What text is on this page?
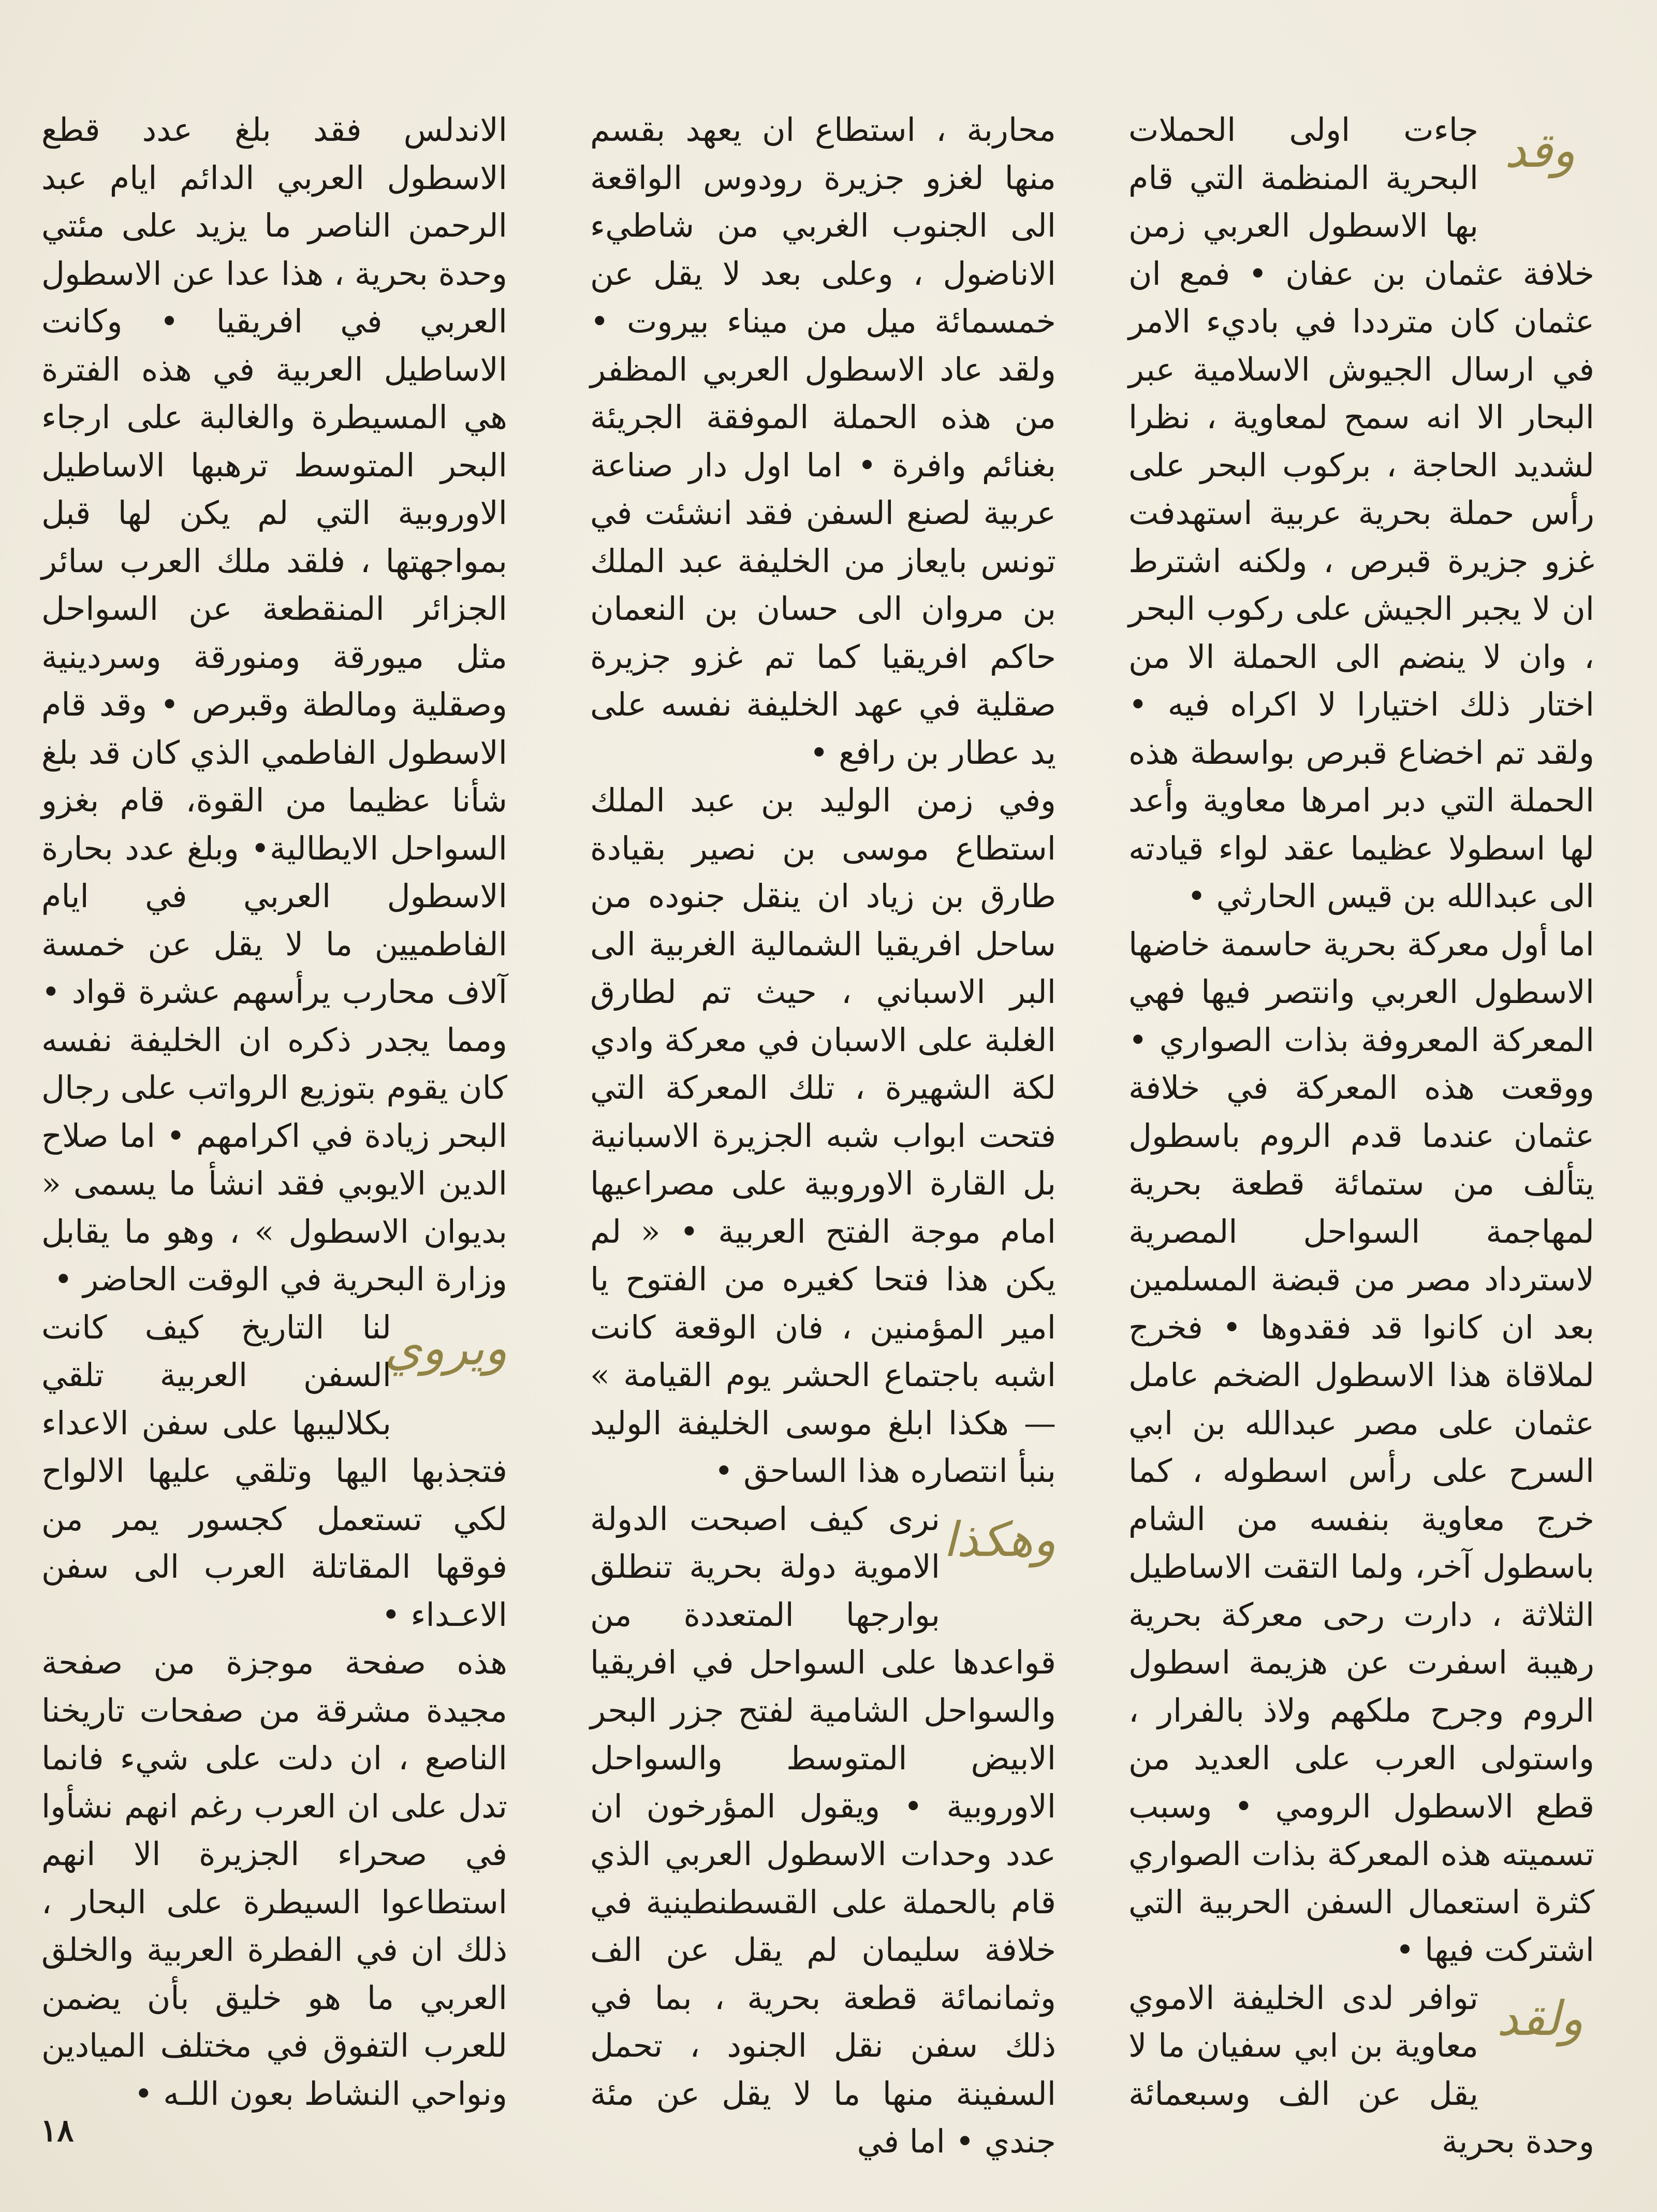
وقد

جاءت اولى الحملات البحرية المنظمة التي قام بها الاسطول العربي زمن خلافة عثمان بن عفان • فمع ان عثمان كان مترددا في باديء الامر في ارسال الجيوش الاسلامية عبر البحار الا انه سمح لمعاوية ، نظرا لشديد الحاجة ، بركوب البحر على رأس حملة بحرية عربية استهدفت غزو جزيرة قبرص ، ولكنه اشترط ان لا يجبر الجيش على ركوب البحر ، وان لا ينضم الى الحملة الا من اختار ذلك اختيارا لا اكراه فيه • ولقد تم اخضاع قبرص بواسطة هذه الحملة التي دبر امرها معاوية وأعد لها اسطولا عظيما عقد لواء قيادته الى عبدالله بن قيس الحارثي •

اما أول معركة بحرية حاسمة خاضها الاسطول العربي وانتصر فيها فهي المعركة المعروفة بذات الصواري • ووقعت هذه المعركة في خلافة عثمان عندما قدم الروم باسطول يتألف من ستمائة قطعة بحرية لمهاجمة السواحل المصرية لاسترداد مصر من قبضة المسلمين بعد ان كانوا قد فقدوها • فخرج لملاقاة هذا الاسطول الضخم عامل عثمان على مصر عبدالله بن ابي السرح على رأس اسطوله ، كما خرج معاوية بنفسه من الشام باسطول آخر، ولما التقت الاساطيل الثلاثة ، دارت رحى معركة بحرية رهيبة اسفرت عن هزيمة اسطول الروم وجرح ملكهم ولاذ بالفرار ، واستولى العرب على العديد من قطع الاسطول الرومي • وسبب تسميته هذه المعركة بذات الصواري كثرة استعمال السفن الحربية التي اشتركت فيها •

ولقد

توافر لدى الخليفة الاموي معاوية بن ابي سفيان ما لا يقل عن الف وسبعمائة وحدة بحرية

محاربة ، استطاع ان يعهد بقسم منها لغزو جزيرة رودوس الواقعة الى الجنوب الغربي من شاطيء الاناضول ، وعلى بعد لا يقل عن خمسمائة ميل من ميناء بيروت • ولقد عاد الاسطول العربي المظفر من هذه الحملة الموفقة الجريئة بغنائم وافرة • اما اول دار صناعة عربية لصنع السفن فقد انشئت في تونس بايعاز من الخليفة عبد الملك بن مروان الى حسان بن النعمان حاكم افريقيا كما تم غزو جزيرة صقلية في عهد الخليفة نفسه على يد عطار بن رافع •

وفي زمن الوليد بن عبد الملك استطاع موسى بن نصير بقيادة طارق بن زياد ان ينقل جنوده من ساحل افريقيا الشمالية الغربية الى البر الاسباني ، حيث تم لطارق الغلبة على الاسبان في معركة وادي لكة الشهيرة ، تلك المعركة التي فتحت ابواب شبه الجزيرة الاسبانية بل القارة الاوروبية على مصراعيها امام موجة الفتح العربية • « لم يكن هذا فتحا كغيره من الفتوح يا امير المؤمنين ، فان الوقعة كانت اشبه باجتماع الحشر يوم القيامة » — هكذا ابلغ موسى الخليفة الوليد بنبأ انتصاره هذا الساحق •

وهكذا

نرى كيف اصبحت الدولة الاموية دولة بحرية تنطلق بوارجها المتعددة من قواعدها على السواحل في افريقيا والسواحل الشامية لفتح جزر البحر الابيض المتوسط والسواحل الاوروبية • ويقول المؤرخون ان عدد وحدات الاسطول العربي الذي قام بالحملة على القسطنطينية في خلافة سليمان لم يقل عن الف وثمانمائة قطعة بحرية ، بما في ذلك سفن نقل الجنود ، تحمل السفينة منها ما لا يقل عن مئة جندي • اما في

الاندلس فقد بلغ عدد قطع الاسطول العربي الدائم ايام عبد الرحمن الناصر ما يزيد على مئتي وحدة بحرية ، هذا عدا عن الاسطول العربي في افريقيا • وكانت الاساطيل العربية في هذه الفترة هي المسيطرة والغالبة على ارجاء البحر المتوسط ترهبها الاساطيل الاوروبية التي لم يكن لها قبل بمواجهتها ، فلقد ملك العرب سائر الجزائر المنقطعة عن السواحل مثل ميورقة ومنورقة وسردينية وصقلية ومالطة وقبرص • وقد قام الاسطول الفاطمي الذي كان قد بلغ شأنا عظيما من القوة، قام بغزو السواحل الايطالية• وبلغ عدد بحارة الاسطول العربي في ايام الفاطميين ما لا يقل عن خمسة آلاف محارب يرأسهم عشرة قواد • ومما يجدر ذكره ان الخليفة نفسه كان يقوم بتوزيع الرواتب على رجال البحر زيادة في اكرامهم • اما صلاح الدين الايوبي فقد انشأ ما يسمى « بديوان الاسطول » ، وهو ما يقابل وزارة البحرية في الوقت الحاضر •

ويروي

لنا التاريخ كيف كانت السفن العربية تلقي بكلاليبها على سفن الاعداء فتجذبها اليها وتلقي عليها الالواح لكي تستعمل كجسور يمر من فوقها المقاتلة العرب الى سفن الاعـداء •

هذه صفحة موجزة من صفحة مجيدة مشرقة من صفحات تاريخنا الناصع ، ان دلت على شيء فانما تدل على ان العرب رغم انهم نشأوا في صحراء الجزيرة الا انهم استطاعوا السيطرة على البحار ، ذلك ان في الفطرة العربية والخلق العربي ما هو خليق بأن يضمن للعرب التفوق في مختلف الميادين ونواحي النشاط بعون اللـه •

١٨
